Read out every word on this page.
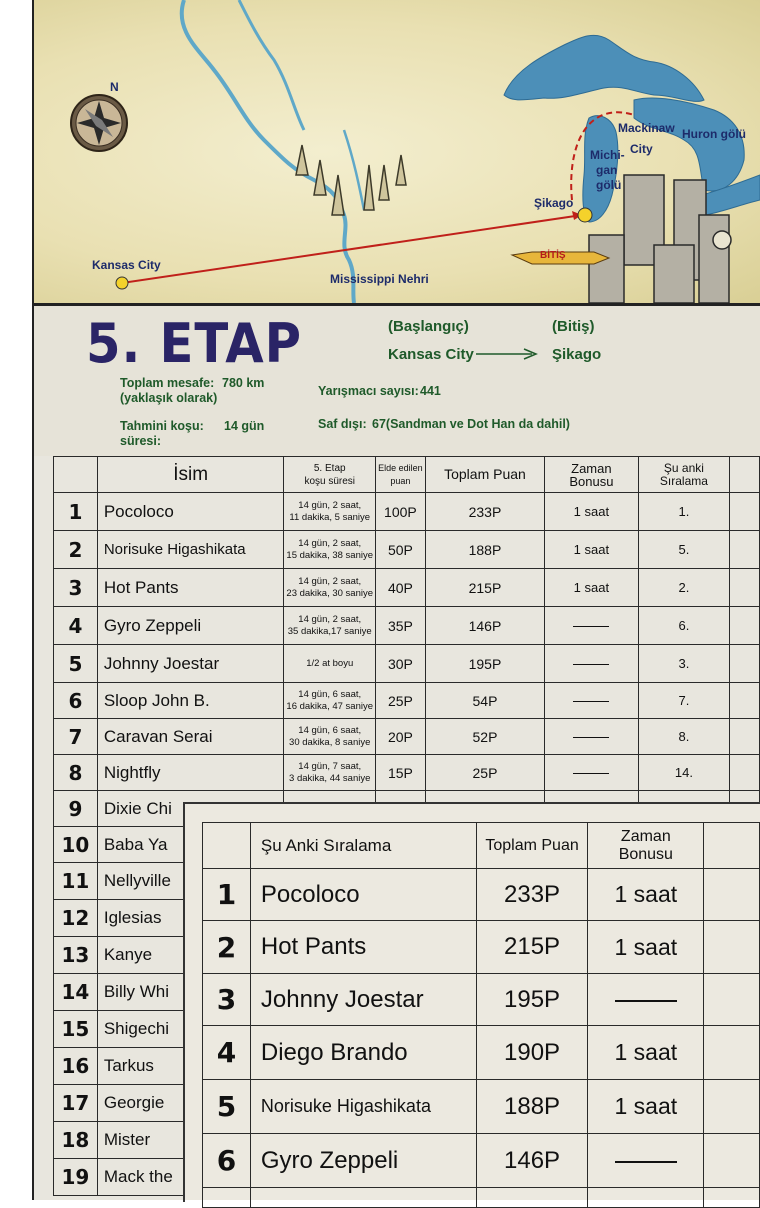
N
Kansas City
Mississippi Nehri
Şikago
Michi-
gan
gölü
Mackinaw
City
Huron gölü
BİTİŞ
5. ETAP	(Başlangıç)	(Bitiş)
Kansas City	Şikago
Toplam mesafe: 780 km
(yaklaşık olarak)
Tahmini koşu: 14 gün
süresi:
Yarışmacı sayısı: 441
Saf dışı: 67(Sandman ve Dot Han da dahil)
	İsim	5. Etap
koşu süresi	Elde edilen
puan	Toplam Puan	Zaman
Bonusu	Şu anki
Sıralama	
1	Pocoloco	14 gün, 2 saat,
11 dakika, 5 saniye	100P	233P	1 saat	1.	
2	Norisuke Higashikata	14 gün, 2 saat,
15 dakika, 38 saniye	50P	188P	1 saat	5.	
3	Hot Pants	14 gün, 2 saat,
23 dakika, 30 saniye	40P	215P	1 saat	2.	
4	Gyro Zeppeli	14 gün, 2 saat,
35 dakika,17 saniye	35P	146P		6.	
5	Johnny Joestar	1/2 at boyu	30P	195P		3.	
6	Sloop John B.	14 gün, 6 saat,
16 dakika, 47 saniye	25P	54P		7.	
7	Caravan Serai	14 gün, 6 saat,
30 dakika, 8 saniye	20P	52P		8.	
8	Nightfly	14 gün, 7 saat,
3 dakika, 44 saniye	15P	25P		14.	
9	Dixie Chi						
10	Baba Ya						
11	Nellyville						
12	Iglesias						
13	Kanye						
14	Billy Whi						
15	Shigechi						
16	Tarkus						
17	Georgie						
18	Mister						
19	Mack the						
	Şu Anki Sıralama	Toplam Puan	Zaman
Bonusu	
1	Pocoloco	233P	1 saat	
2	Hot Pants	215P	1 saat	
3	Johnny Joestar	195P		
4	Diego Brando	190P	1 saat	
5	Norisuke Higashikata	188P	1 saat	
6	Gyro Zeppeli	146P		
